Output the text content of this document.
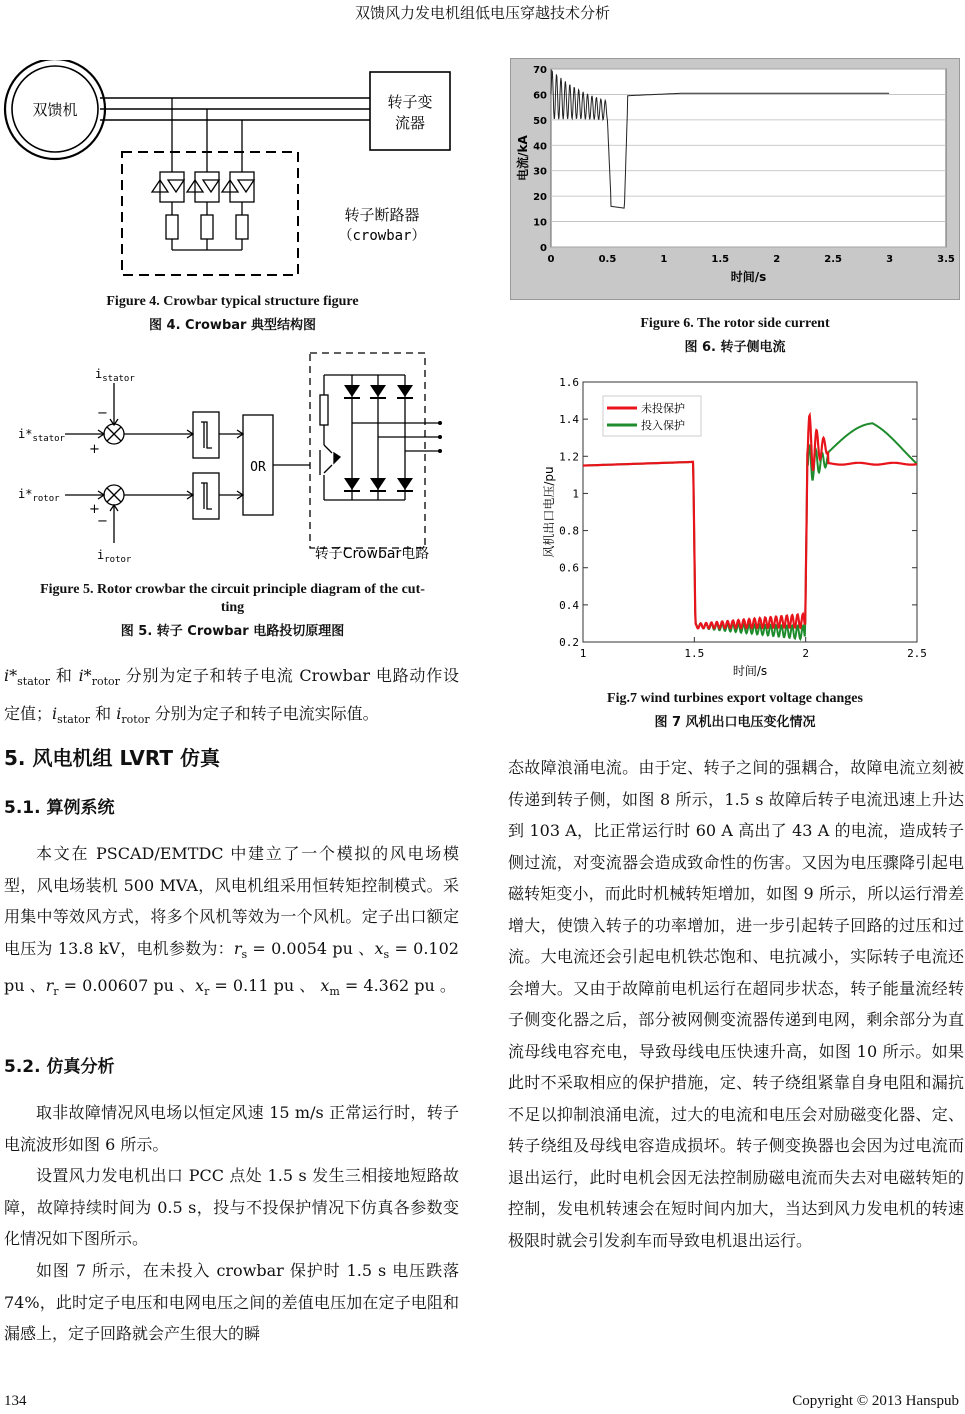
双馈风力发电机组低电压穿越技术分析
双馈机	转子变
流器
转子断路器
（crowbar）
Figure 4. Crowbar typical structure figure
图 4. Crowbar 典型结构图
$i_{stator}$
$i*_{stator}$
$i*_{rotor}$
$i_{rotor}$
−
+
+
−
OR
转子Crowbar电路
Figure 5. Rotor crowbar the circuit principle diagram of the cut-
ting
图 5. 转子 Crowbar 电路投切原理图
$i*_{stator}$ 和 $i*_{rotor}$ 分别为定子和转子电流 Crowbar 电路动作设定值；$i_{stator}$ 和 $i_{rotor}$ 分别为定子和转子电流实际值。
5. 风电机组 LVRT 仿真
5.1. 算例系统
本文在 PSCAD/EMTDC 中建立了一个模拟的风电场模型，风电场装机 500 MVA，风电机组采用恒转矩控制模式。采用集中等效风方式，将多个风机等效为一个风机。定子出口额定电压为 13.8 kV，电机参数为：$r_s = 0.0054$ pu 、$x_s = 0.102$ pu 、$r_r = 0.00607$ pu 、$x_r = 0.11$ pu 、 $x_m = 4.362$ pu 。
5.2. 仿真分析
取非故障情况风电场以恒定风速 15 m/s 正常运行时，转子电流波形如图 6 所示。
设置风力发电机出口 PCC 点处 1.5 s 发生三相接地短路故障，故障持续时间为 0.5 s，投与不投保护情况下仿真各参数变化情况如下图所示。
如图 7 所示，在未投入 crowbar 保护时 1.5 s 电压跌落 74%，此时定子电压和电网电压之间的差值电压加在定子电阻和漏感上，定子回路就会产生很大的瞬
0
10
20
30
40
50
60
70
0	0.5	1	1.5	2	2.5	3	3.5
时间/s
电流/kA
Figure 6. The rotor side current
图 6. 转子侧电流
0.2
0.4
0.6
0.8
1
1.2
1.4
1.6
1	1.5	2	2.5
时间/s
风机出口电压/pu
未投保护
投入保护
Fig.7 wind turbines export voltage changes
图 7 风机出口电压变化情况
态故障浪涌电流。由于定、转子之间的强耦合，故障电流立刻被传递到转子侧，如图 8 所示，1.5 s 故障后转子电流迅速上升达到 103 A，比正常运行时 60 A 高出了 43 A 的电流，造成转子侧过流，对变流器会造成致命性的伤害。又因为电压骤降引起电磁转矩变小，而此时机械转矩增加，如图 9 所示，所以运行滑差增大，使馈入转子的功率增加，进一步引起转子回路的过压和过流。大电流还会引起电机铁芯饱和、电抗减小，实际转子电流还会增大。又由于故障前电机运行在超同步状态，转子能量流经转子侧变化器之后，部分被网侧变流器传递到电网，剩余部分为直流母线电容充电，导致母线电压快速升高，如图 10 所示。如果此时不采取相应的保护措施，定、转子绕组紧靠自身电阻和漏抗不足以抑制浪涌电流，过大的电流和电压会对励磁变化器、定、转子绕组及母线电容造成损坏。转子侧变换器也会因为过电流而退出运行，此时电机会因无法控制励磁电流而失去对电磁转矩的控制，发电机转速会在短时间内加大，当达到风力发电机的转速极限时就会引发刹车而导致电机退出运行。
134	Copyright © 2013 Hanspub
